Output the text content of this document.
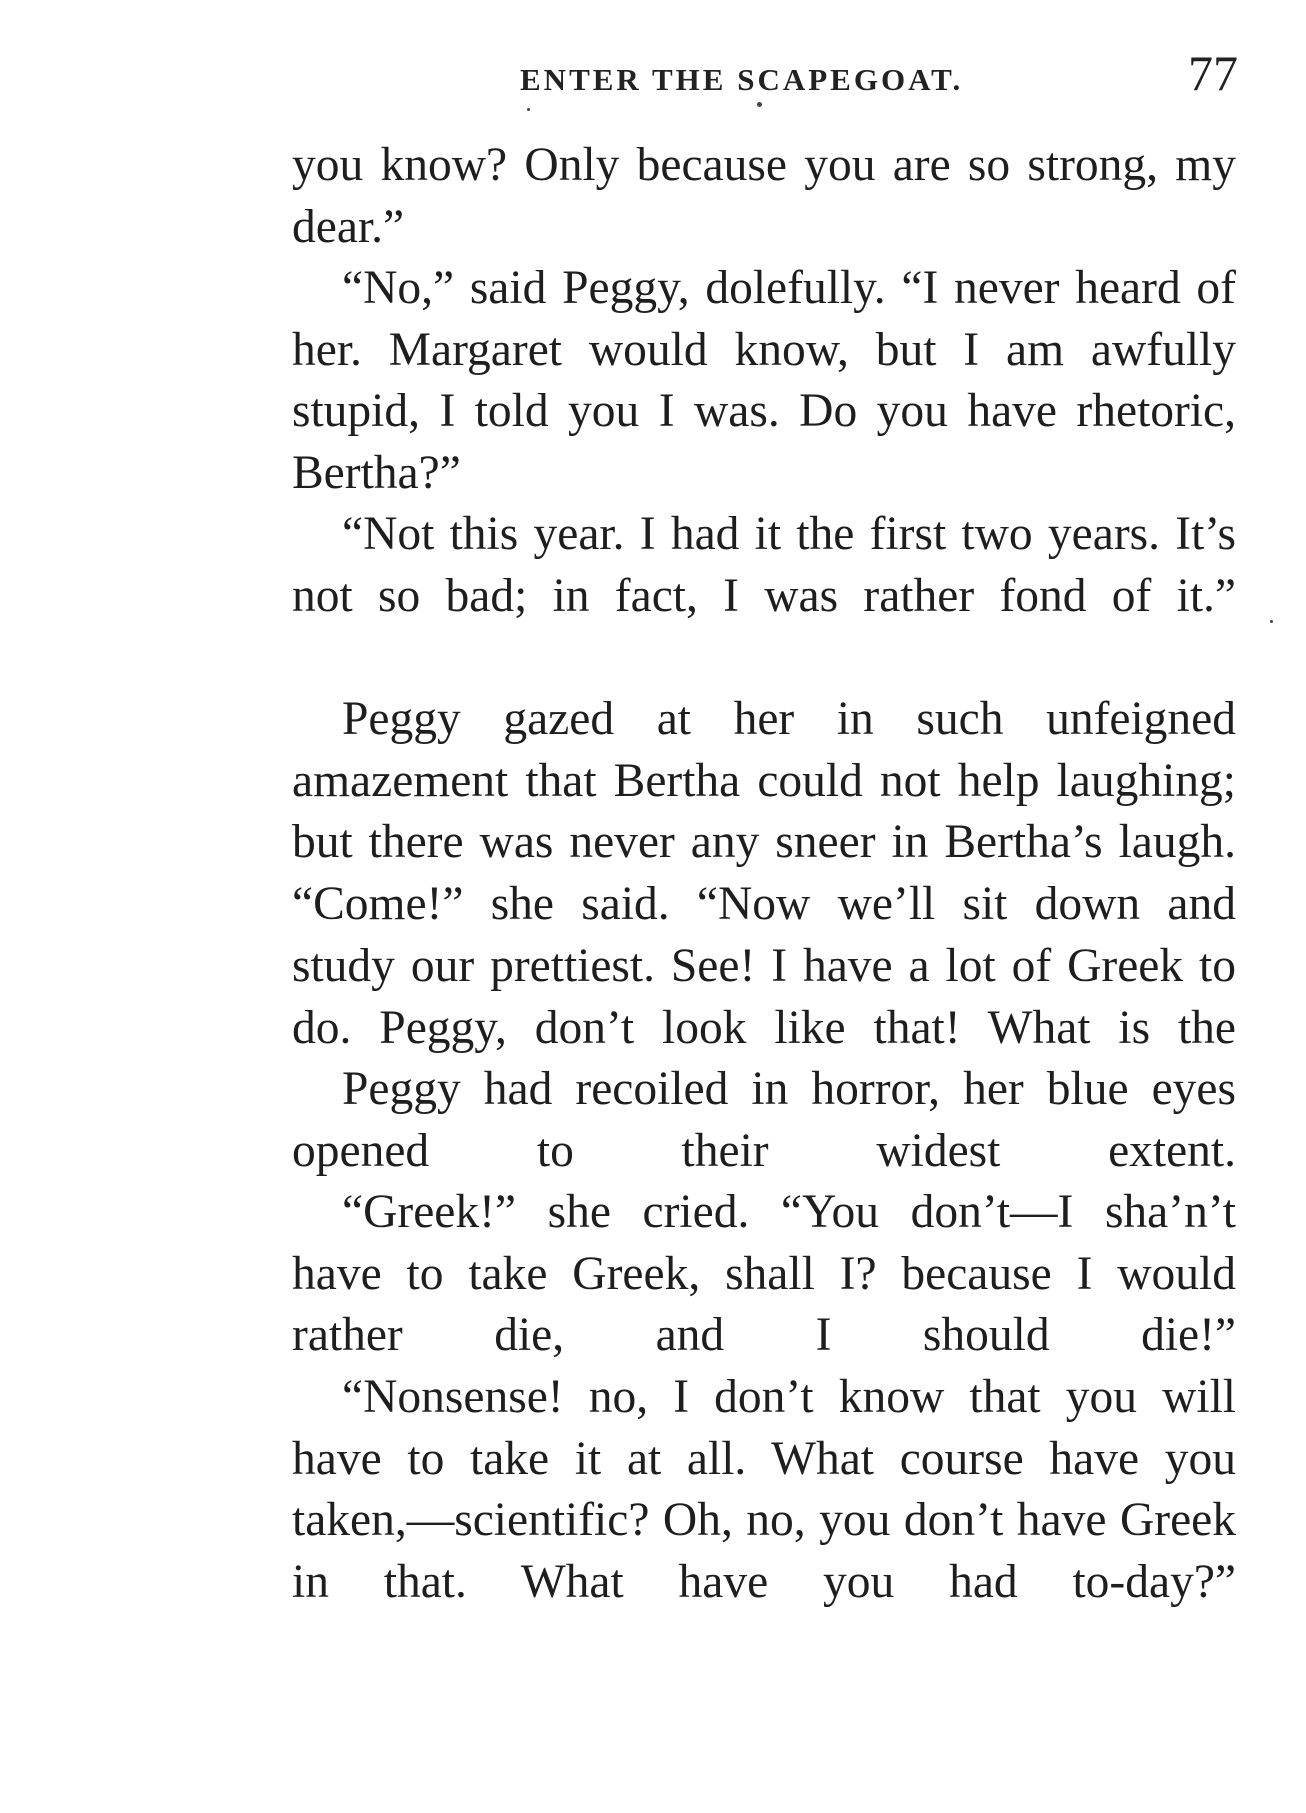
ENTER THE SCAPEGOAT.	77

you know? Only because you are so strong, my dear.”

“No,” said Peggy, dolefully. “I never heard of her. Margaret would know, but I am awfully stupid, I told you I was. Do you have rhetoric, Bertha?”

“Not this year. I had it the first two years. It’s not so bad; in fact, I was rather fond of it.”

Peggy gazed at her in such unfeigned amazement that Bertha could not help laughing; but there was never any sneer in Bertha’s laugh. “Come!” she said. “Now we’ll sit down and study our prettiest. See! I have a lot of Greek to do. Peggy, don’t look like that! What is the

Peggy had recoiled in horror, her blue eyes opened to their widest extent.

“Greek!” she cried. “You don’t—I sha’n’t have to take Greek, shall I? because I would rather die, and I should die!”

“Nonsense! no, I don’t know that you will have to take it at all. What course have you taken,—scientific? Oh, no, you don’t have Greek in that. What have you had to-day?”
